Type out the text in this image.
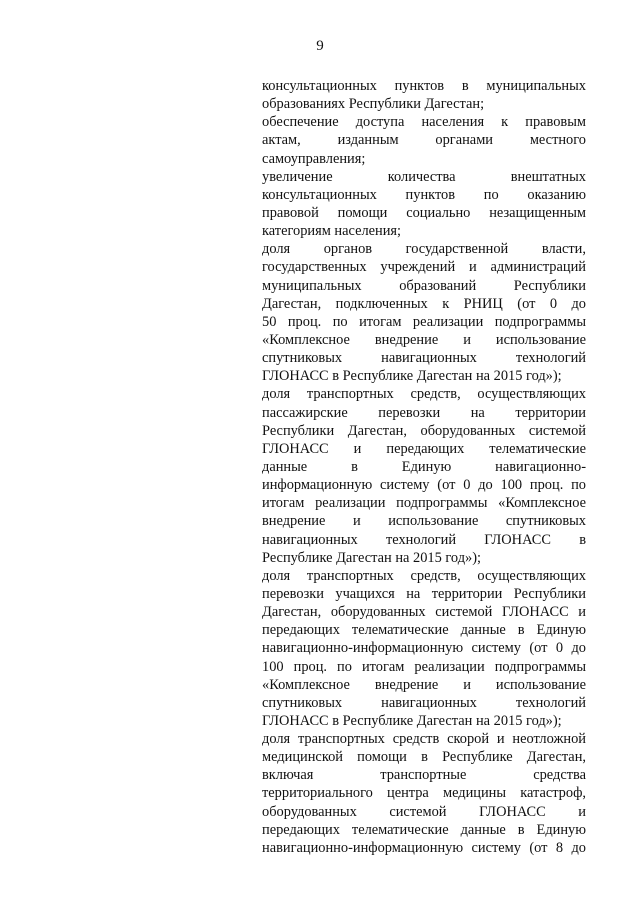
9
консультационных пунктов в муниципальных
образованиях Республики Дагестан;
обеспечение доступа населения к правовым
актам, изданным органами местного
самоуправления;
увеличение количества внештатных
консультационных пунктов по оказанию
правовой помощи социально незащищенным
категориям населения;
доля органов государственной власти,
государственных учреждений и администраций
муниципальных образований Республики
Дагестан, подключенных к РНИЦ (от 0 до
50 проц. по итогам реализации подпрограммы
«Комплексное внедрение и использование
спутниковых навигационных технологий
ГЛОНАСС в Республике Дагестан на 2015 год»);
доля транспортных средств, осуществляющих
пассажирские перевозки на территории
Республики Дагестан, оборудованных системой
ГЛОНАСС и передающих телематические
данные в Единую навигационно-
информационную систему (от 0 до 100 проц. по
итогам реализации подпрограммы «Комплексное
внедрение и использование спутниковых
навигационных технологий ГЛОНАСС в
Республике Дагестан на 2015 год»);
доля транспортных средств, осуществляющих
перевозки учащихся на территории Республики
Дагестан, оборудованных системой ГЛОНАСС и
передающих телематические данные в Единую
навигационно-информационную систему (от 0 до
100 проц. по итогам реализации подпрограммы
«Комплексное внедрение и использование
спутниковых навигационных технологий
ГЛОНАСС в Республике Дагестан на 2015 год»);
доля транспортных средств скорой и неотложной
медицинской помощи в Республике Дагестан,
включая транспортные средства
территориального центра медицины катастроф,
оборудованных системой ГЛОНАСС и
передающих телематические данные в Единую
навигационно-информационную систему (от 8 до
